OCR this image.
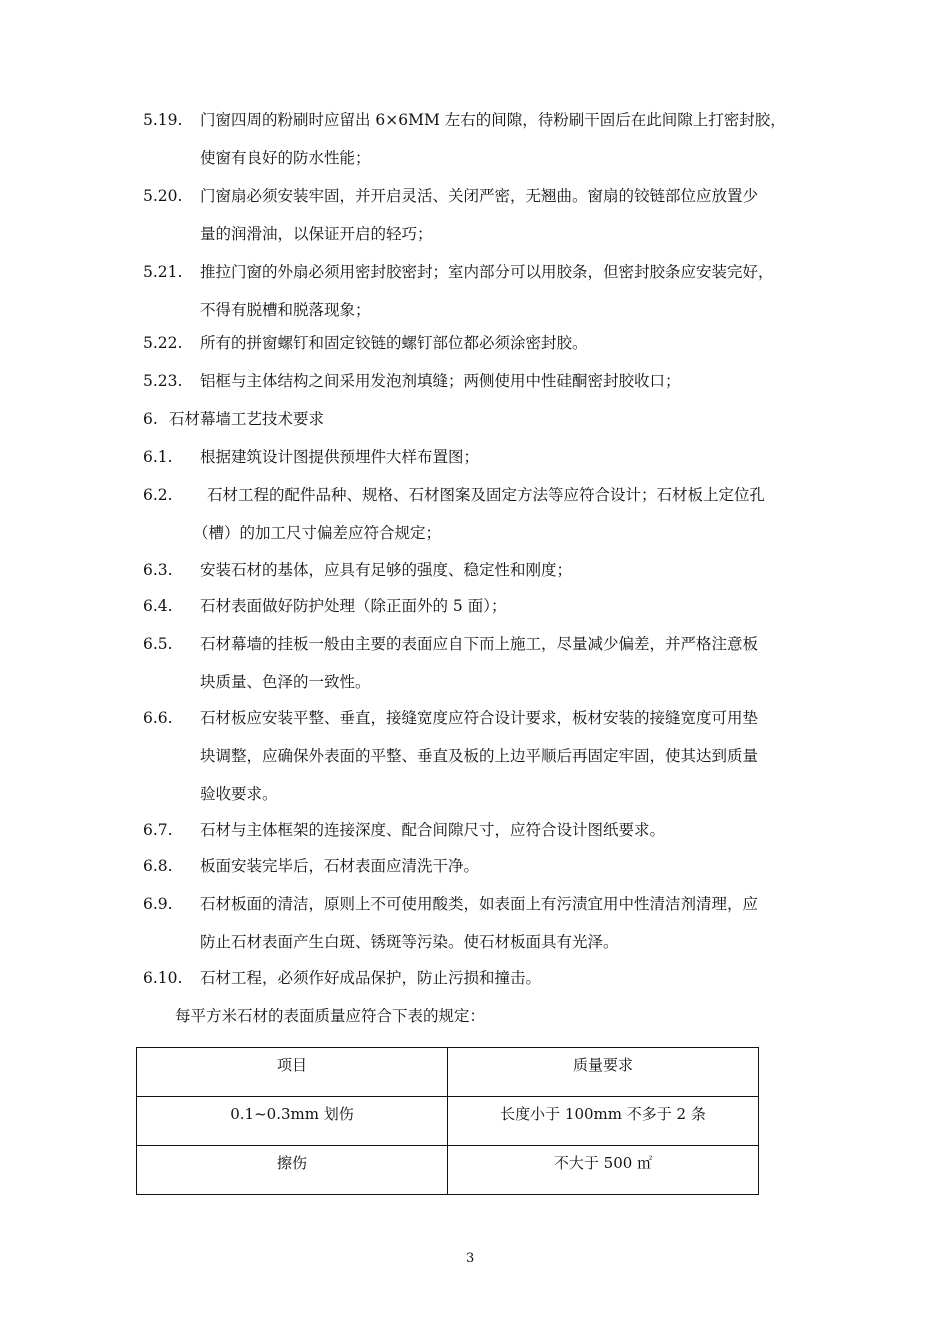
5.19. 门窗四周的粉刷时应留出 6×6MM 左右的间隙，待粉刷干固后在此间隙上打密封胶，
使窗有良好的防水性能；
5.20. 门窗扇必须安装牢固，并开启灵活、关闭严密，无翘曲。窗扇的铰链部位应放置少
量的润滑油，以保证开启的轻巧；
5.21. 推拉门窗的外扇必须用密封胶密封；室内部分可以用胶条，但密封胶条应安装完好，
不得有脱槽和脱落现象；
5.22. 所有的拼窗螺钉和固定铰链的螺钉部位都必须涂密封胶。
5.23. 铝框与主体结构之间采用发泡剂填缝；两侧使用中性硅酮密封胶收口；
6. 石材幕墙工艺技术要求
6.1. 根据建筑设计图提供预埋件大样布置图；
6.2. 石材工程的配件品种、规格、石材图案及固定方法等应符合设计；石材板上定位孔
（槽）的加工尺寸偏差应符合规定；
6.3. 安装石材的基体，应具有足够的强度、稳定性和刚度；
6.4. 石材表面做好防护处理（除正面外的 5 面）；
6.5. 石材幕墙的挂板一般由主要的表面应自下而上施工，尽量减少偏差，并严格注意板
块质量、色泽的一致性。
6.6. 石材板应安装平整、垂直，接缝宽度应符合设计要求，板材安装的接缝宽度可用垫
块调整，应确保外表面的平整、垂直及板的上边平顺后再固定牢固，使其达到质量
验收要求。
6.7. 石材与主体框架的连接深度、配合间隙尺寸，应符合设计图纸要求。
6.8. 板面安装完毕后，石材表面应清洗干净。
6.9. 石材板面的清洁，原则上不可使用酸类，如表面上有污渍宜用中性清洁剂清理，应
防止石材表面产生白斑、锈斑等污染。使石材板面具有光泽。
6.10. 石材工程，必须作好成品保护，防止污损和撞击。
每平方米石材的表面质量应符合下表的规定：
项目	质量要求
0.1~0.3mm 划伤	长度小于 100mm 不多于 2 条
擦伤	不大于 500 ㎡
3
